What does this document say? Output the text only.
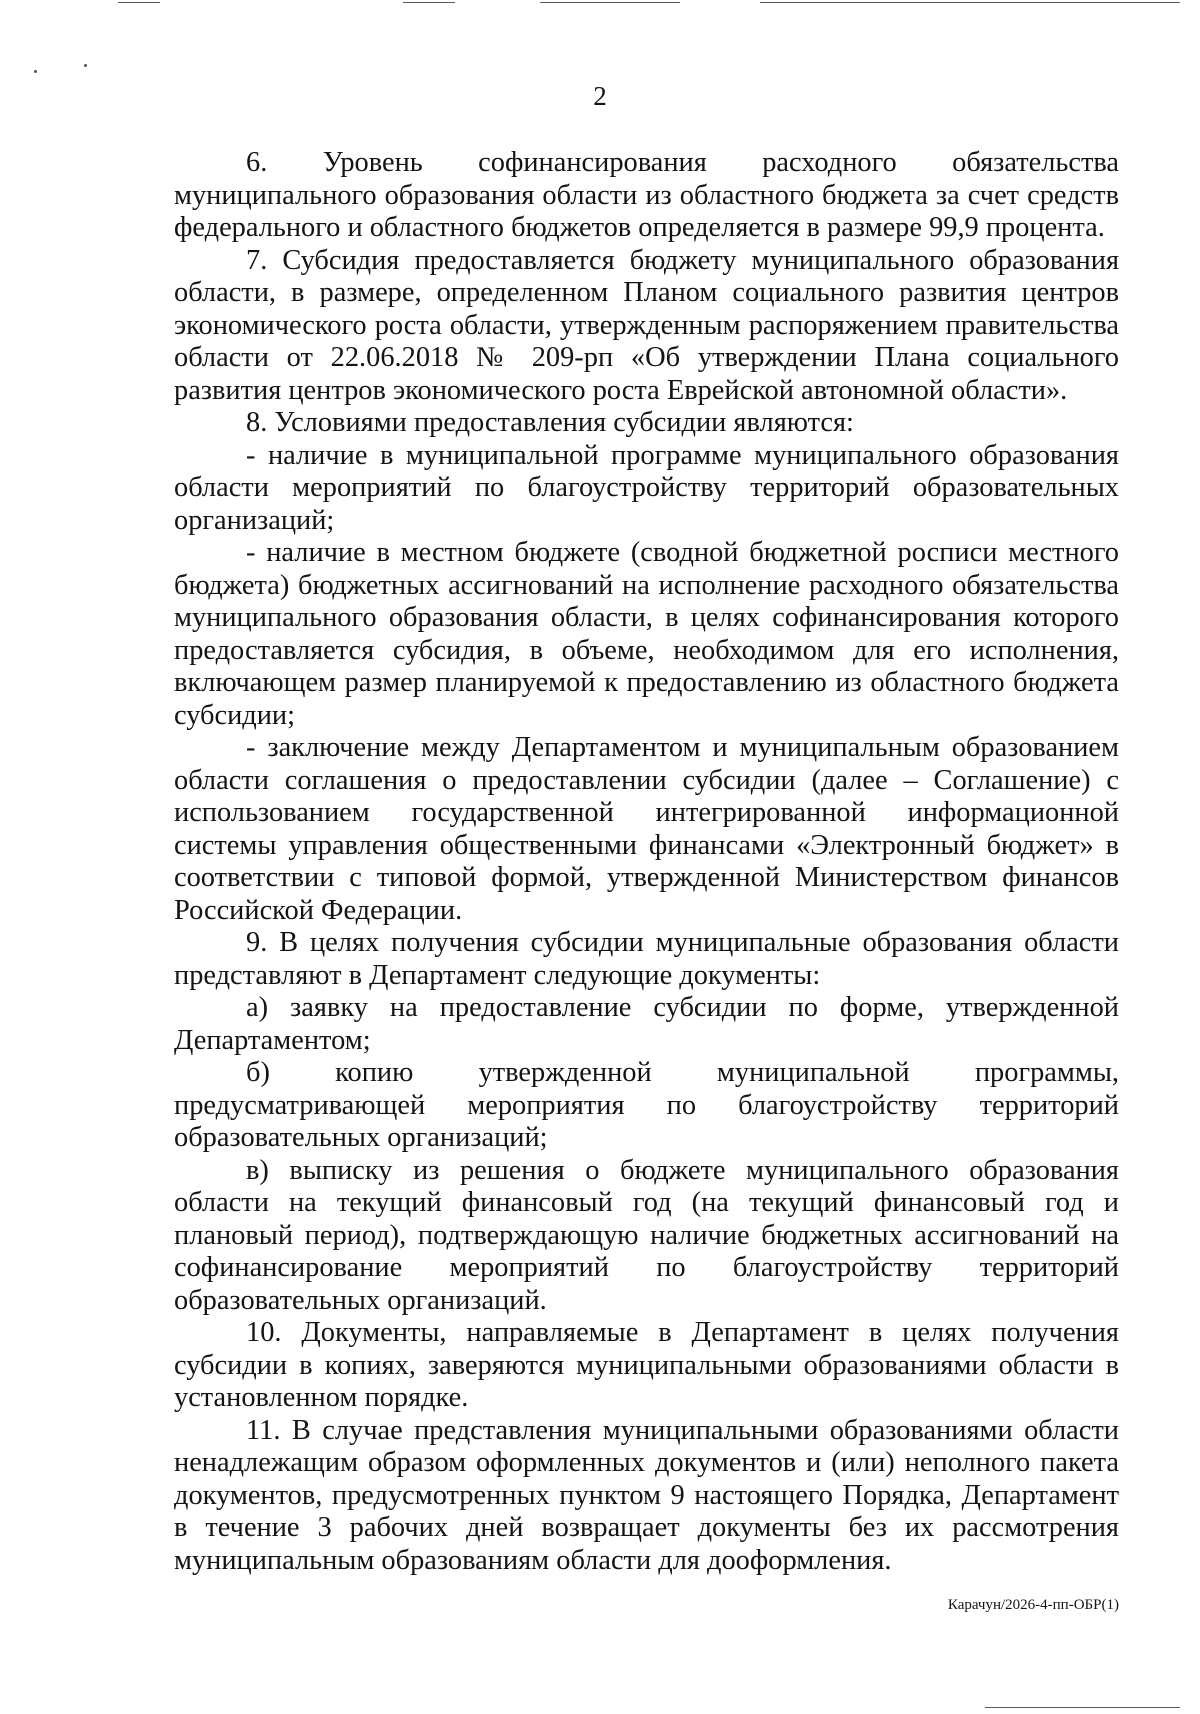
2

6. Уровень софинансирования расходного обязательства муниципального образования области из областного бюджета за счет средств федерального и областного бюджетов определяется в размере 99,9 процента.

7. Субсидия предоставляется бюджету муниципального образования области, в размере, определенном Планом социального развития центров экономического роста области, утвержденным распоряжением правительства области от 22.06.2018 № 209-рп «Об утверждении Плана социального развития центров экономического роста Еврейской автономной области».

8. Условиями предоставления субсидии являются:

- наличие в муниципальной программе муниципального образования области мероприятий по благоустройству территорий образовательных организаций;

- наличие в местном бюджете (сводной бюджетной росписи местного бюджета) бюджетных ассигнований на исполнение расходного обязательства муниципального образования области, в целях софинансирования которого предоставляется субсидия, в объеме, необходимом для его исполнения, включающем размер планируемой к предоставлению из областного бюджета субсидии;

- заключение между Департаментом и муниципальным образованием области соглашения о предоставлении субсидии (далее – Соглашение) с использованием государственной интегрированной информационной системы управления общественными финансами «Электронный бюджет» в соответствии с типовой формой, утвержденной Министерством финансов Российской Федерации.

9. В целях получения субсидии муниципальные образования области представляют в Департамент следующие документы:

а) заявку на предоставление субсидии по форме, утвержденной Департаментом;

б) копию утвержденной муниципальной программы, предусматривающей мероприятия по благоустройству территорий образовательных организаций;

в) выписку из решения о бюджете муниципального образования области на текущий финансовый год (на текущий финансовый год и плановый период), подтверждающую наличие бюджетных ассигнований на софинансирование мероприятий по благоустройству территорий образовательных организаций.

10. Документы, направляемые в Департамент в целях получения субсидии в копиях, заверяются муниципальными образованиями области в установленном порядке.

11. В случае представления муниципальными образованиями области ненадлежащим образом оформленных документов и (или) неполного пакета документов, предусмотренных пунктом 9 настоящего Порядка, Департамент в течение 3 рабочих дней возвращает документы без их рассмотрения муниципальным образованиям области для дооформления.

Карачун/2026-4-пп-ОБР(1)
